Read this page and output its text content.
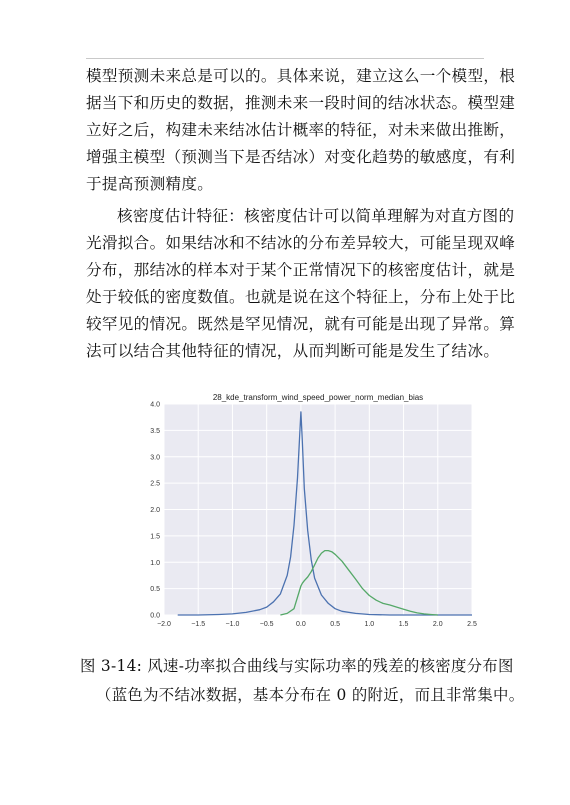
模型预测未来总是可以的。具体来说，建立这么一个模型，根
据当下和历史的数据，推测未来一段时间的结冰状态。模型建
立好之后，构建未来结冰估计概率的特征，对未来做出推断，
增强主模型（预测当下是否结冰）对变化趋势的敏感度，有利
于提高预测精度。
核密度估计特征：核密度估计可以简单理解为对直方图的
光滑拟合。如果结冰和不结冰的分布差异较大，可能呈现双峰
分布，那结冰的样本对于某个正常情况下的核密度估计，就是
处于较低的密度数值。也就是说在这个特征上，分布上处于比
较罕见的情况。既然是罕见情况，就有可能是出现了异常。算
法可以结合其他特征的情况，从而判断可能是发生了结冰。
−2.0	−1.5	−1.0	−0.5	0.0	0.5	1.0	1.5	2.0	2.5
0.0
0.5
1.0
1.5
2.0
2.5
3.0
3.5
4.0
28_kde_transform_wind_speed_power_norm_median_bias
图 3-14: 风速-功率拟合曲线与实际功率的残差的核密度分布图
（蓝色为不结冰数据，基本分布在 0 的附近，而且非常集中。
